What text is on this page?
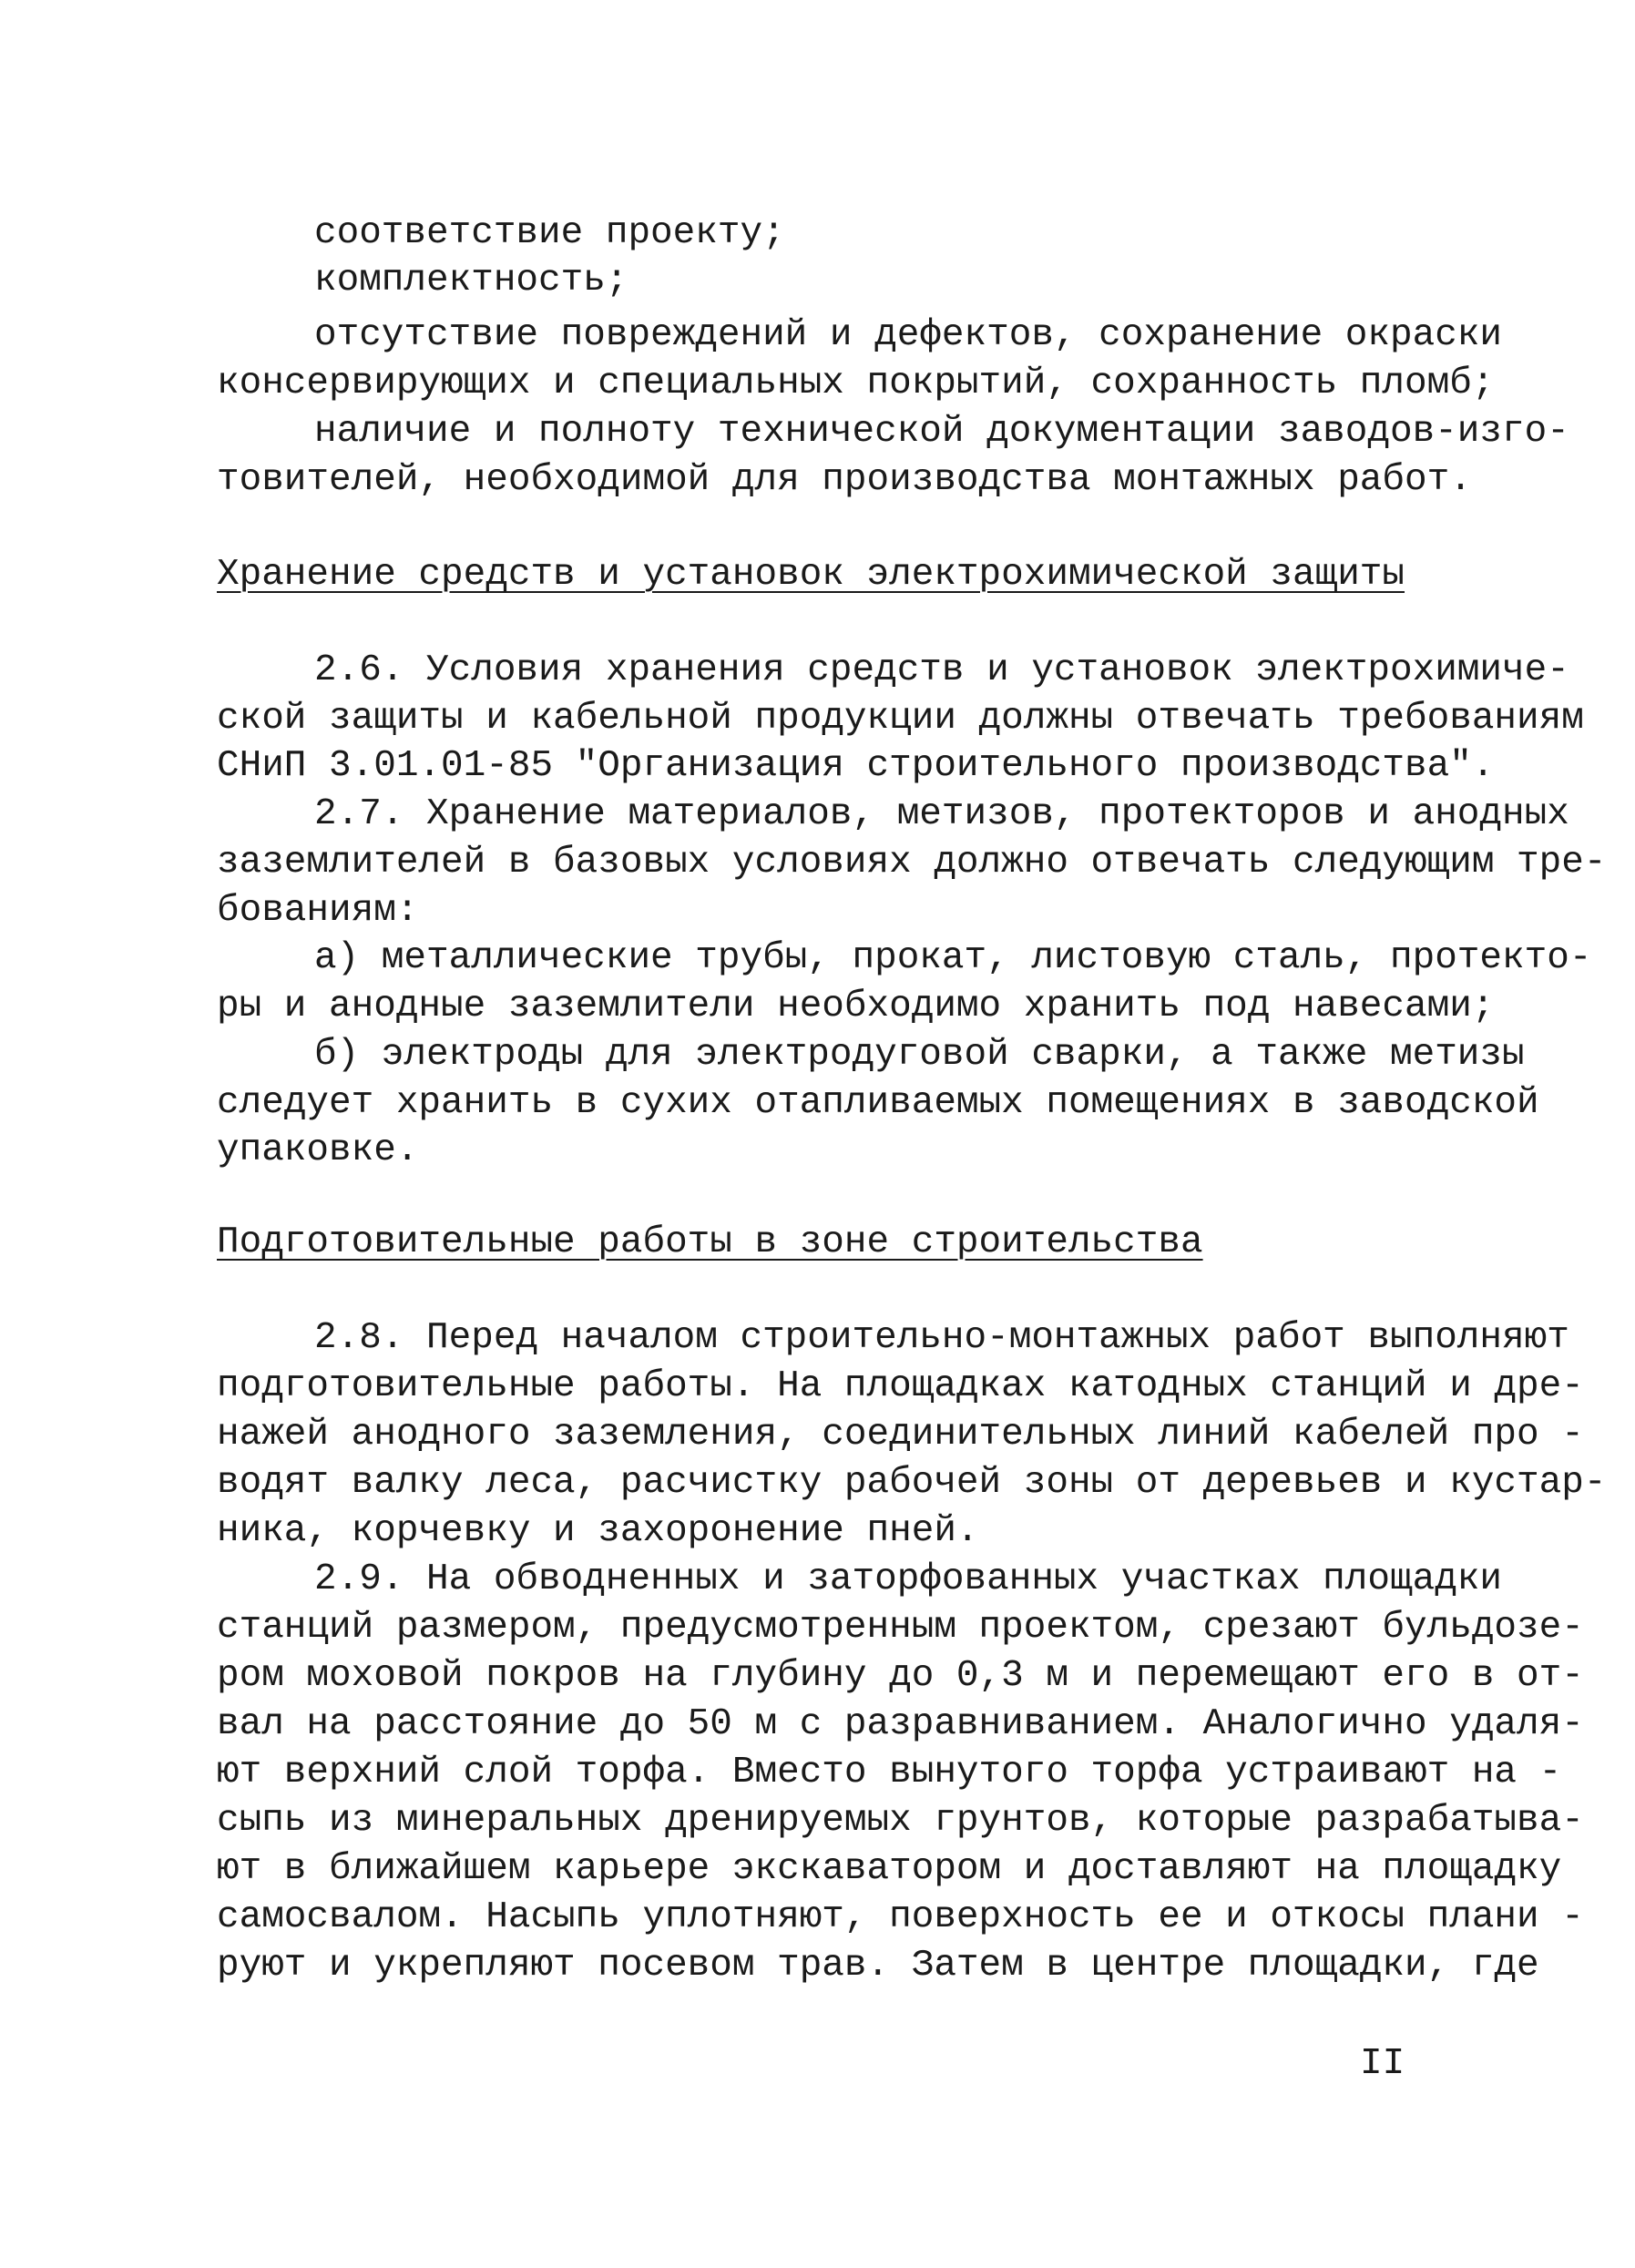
соответствие проекту;
комплектность;
отсутствие повреждений и дефектов, сохранение окраски
консервирующих и специальных покрытий, сохранность пломб;
наличие и полноту технической документации заводов-изго-
товителей, необходимой для производства монтажных работ.
Хранение средств и установок электрохимической защиты
2.6. Условия хранения средств и установок электрохимиче-
ской защиты и кабельной продукции должны отвечать требованиям
СНиП 3.01.01-85 "Организация строительного производства".
2.7. Хранение материалов, метизов, протекторов и анодных
заземлителей в базовых условиях должно отвечать следующим тре-
бованиям:
а) металлические трубы, прокат, листовую сталь, протекто-
ры и анодные заземлители необходимо хранить под навесами;
б) электроды для электродуговой сварки, а также метизы
следует хранить в сухих отапливаемых помещениях в заводской
упаковке.
Подготовительные работы в зоне строительства
2.8. Перед началом строительно-монтажных работ выполняют
подготовительные работы. На площадках катодных станций и дре-
нажей анодного заземления, соединительных линий кабелей про -
водят валку леса, расчистку рабочей зоны от деревьев и кустар-
ника, корчевку и захоронение пней.
2.9. На обводненных и заторфованных участках площадки
станций размером, предусмотренным проектом, срезают бульдозе-
ром моховой покров на глубину до 0,3 м и перемещают его в от-
вал на расстояние до 50 м с разравниванием. Аналогично удаля-
ют верхний слой торфа. Вместо вынутого торфа устраивают на -
сыпь из минеральных дренируемых грунтов, которые разрабатыва-
ют в ближайшем карьере экскаватором и доставляют на площадку
самосвалом. Насыпь уплотняют, поверхность ее и откосы плани -
руют и укрепляют посевом трав. Затем в центре площадки, где
II
